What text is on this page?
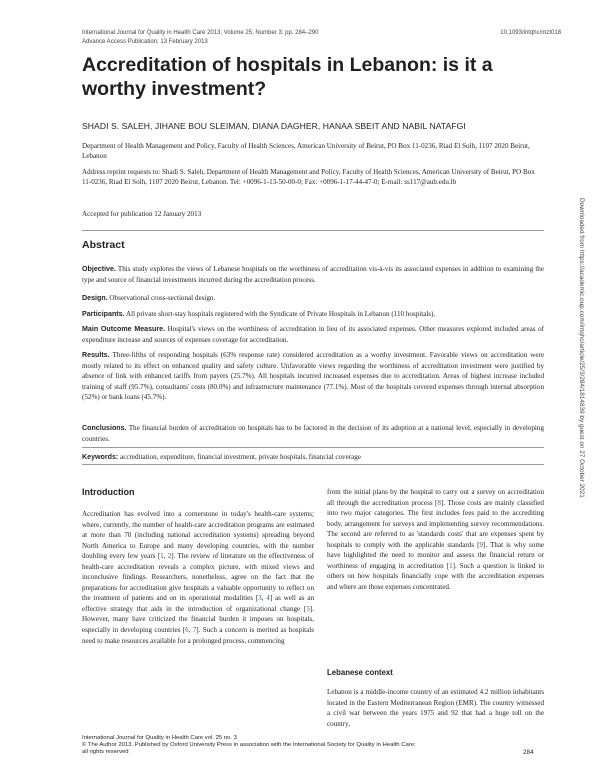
International Journal for Quality in Health Care 2013; Volume 25, Number 3: pp. 284–290
Advance Access Publication: 13 February 2013
10.1093/intqhc/mzt018
Accreditation of hospitals in Lebanon: is it a worthy investment?
SHADI S. SALEH, JIHANE BOU SLEIMAN, DIANA DAGHER, HANAA SBEIT AND NABIL NATAFGI
Department of Health Management and Policy, Faculty of Health Sciences, American University of Beirut, PO Box 11-0236, Riad El Solh, 1107 2020 Beirut, Lebanon
Address reprint requests to: Shadi S. Saleh, Department of Health Management and Policy, Faculty of Health Sciences, American University of Beirut, PO Box 11-0236, Riad El Solh, 1107 2020 Beirut, Lebanon. Tel: +0096-1-13-50-00-0; Fax: +0096-1-17-44-47-0; E-mail: ss117@aub.edu.lb
Accepted for publication 12 January 2013
Abstract
Objective. This study explores the views of Lebanese hospitals on the worthiness of accreditation vis-à-vis its associated expenses in addition to examining the type and source of financial investments incurred during the accreditation process.
Design. Observational cross-sectional design.
Participants. All private short-stay hospitals registered with the Syndicate of Private Hospitals in Lebanon (110 hospitals).
Main Outcome Measure. Hospital's views on the worthiness of accreditation in lieu of its associated expenses. Other measures explored included areas of expenditure increase and sources of expenses coverage for accreditation.
Results. Three-fifths of responding hospitals (63% response rate) considered accreditation as a worthy investment. Favorable views on accreditation were mostly related to its effect on enhanced quality and safety culture. Unfavorable views regarding the worthiness of accreditation investment were justified by absence of link with enhanced tariffs from payers (25.7%). All hospitals incurred increased expenses due to accreditation. Areas of highest increase included training of staff (95.7%), consultants' costs (80.0%) and infrastructure maintenance (77.1%). Most of the hospitals covered expenses through internal absorption (52%) or bank loans (45.7%).
Conclusions. The financial burden of accreditation on hospitals has to be factored in the decision of its adoption at a national level, especially in developing countries.
Keywords: accreditation, expenditure, financial investment, private hospitals, financial coverage
Introduction
Accreditation has evolved into a cornerstone in today's health-care systems; where, currently, the number of health-care accreditation programs are estimated at more than 70 (including national accreditation systems) spreading beyond North America to Europe and many developing countries, with the number doubling every few years [1, 2]. The review of literature on the effectiveness of health-care accreditation reveals a complex picture, with mixed views and inconclusive findings. Researchers, nonetheless, agree on the fact that the preparations for accreditation give hospitals a valuable opportunity to reflect on the treatment of patients and on its operational modalities [3, 4] as well as an effective strategy that aids in the introduction of organizational change [5]. However, many have criticized the financial burden it imposes on hospitals, especially in developing countries [6, 7]. Such a concern is merited as hospitals need to make resources available for a prolonged process, commencing
from the initial plans by the hospital to carry out a survey on accreditation all through the accreditation process [8]. Those costs are mainly classified into two major categories. The first includes fees paid to the accrediting body, arrangement for surveys and implementing survey recommendations. The second are referred to as 'standards costs' that are expenses spent by hospitals to comply with the applicable standards [9]. That is why some have highlighted the need to monitor and assess the financial return or worthiness of engaging in accreditation [1]. Such a question is linked to others on how hospitals financially cope with the accreditation expenses and where are those expenses concentrated.
Lebanese context
Lebanon is a middle-income country of an estimated 4.2 million inhabitants located in the Eastern Mediterranean Region (EMR). The country witnessed a civil war between the years 1975 and 92 that had a huge toll on the country,
International Journal for Quality in Health Care vol. 25 no. 3
© The Author 2013. Published by Oxford University Press in association with the International Society for Quality in Health Care;
all rights reserved	284
Downloaded from https://academic.oup.com/intqhc/article/25/3/284/1814839 by guest on 27 October 2021
